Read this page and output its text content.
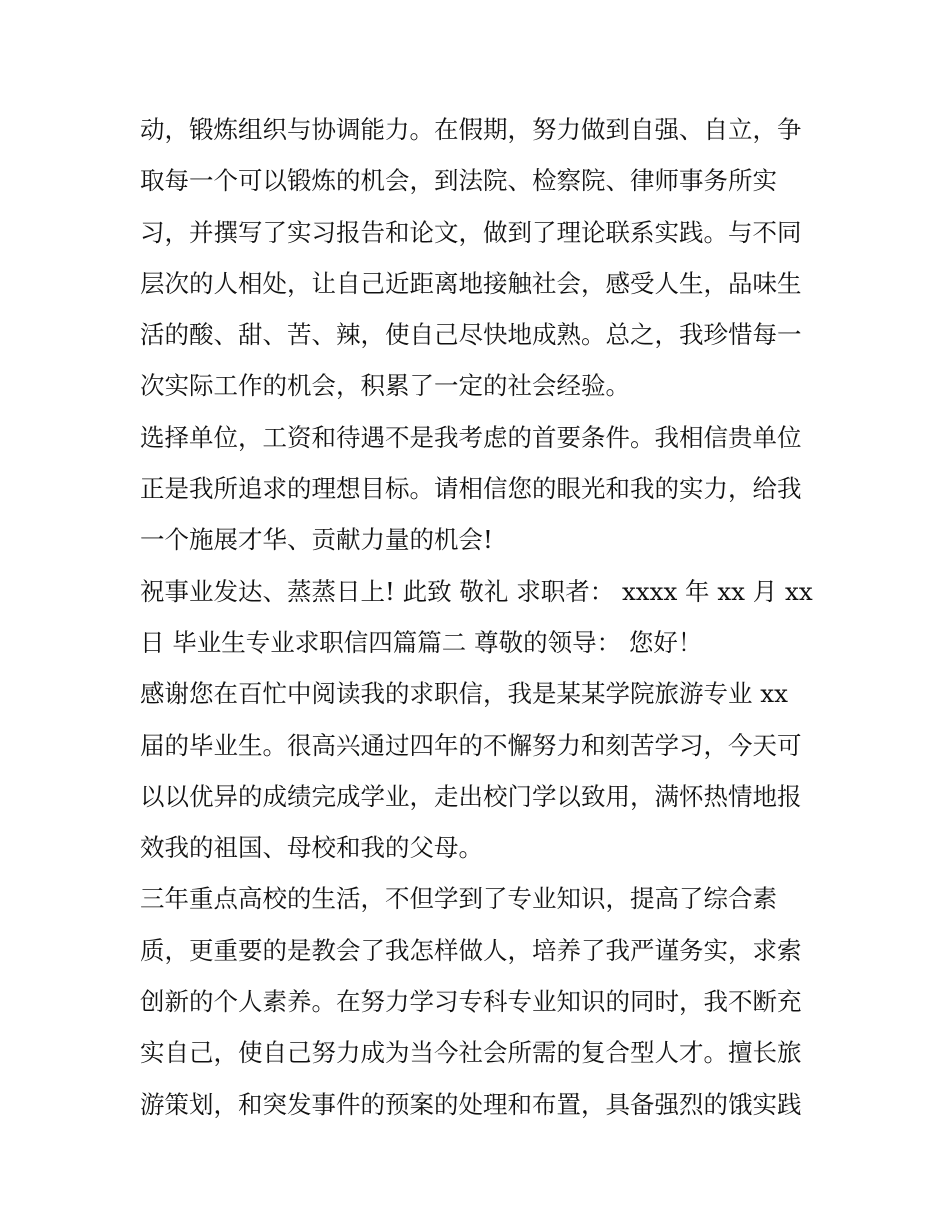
动，锻炼组织与协调能力。在假期，努力做到自强、自立，争
取每一个可以锻炼的机会，到法院、检察院、律师事务所实
习，并撰写了实习报告和论文，做到了理论联系实践。与不同
层次的人相处，让自己近距离地接触社会，感受人生，品味生
活的酸、甜、苦、辣，使自己尽快地成熟。总之，我珍惜每一
次实际工作的机会，积累了一定的社会经验。
选择单位，工资和待遇不是我考虑的首要条件。我相信贵单位
正是我所追求的理想目标。请相信您的眼光和我的实力，给我
一个施展才华、贡献力量的机会!
祝事业发达、蒸蒸日上! 此致 敬礼 求职者： xxxx 年 xx 月 xx
日 毕业生专业求职信四篇篇二 尊敬的领导： 您好！
感谢您在百忙中阅读我的求职信，我是某某学院旅游专业 xx
届的毕业生。很高兴通过四年的不懈努力和刻苦学习，今天可
以以优异的成绩完成学业，走出校门学以致用，满怀热情地报
效我的祖国、母校和我的父母。
三年重点高校的生活，不但学到了专业知识，提高了综合素
质，更重要的是教会了我怎样做人，培养了我严谨务实，求索
创新的个人素养。在努力学习专科专业知识的同时，我不断充
实自己，使自己努力成为当今社会所需的复合型人才。擅长旅
游策划，和突发事件的预案的处理和布置，具备强烈的饿实践
